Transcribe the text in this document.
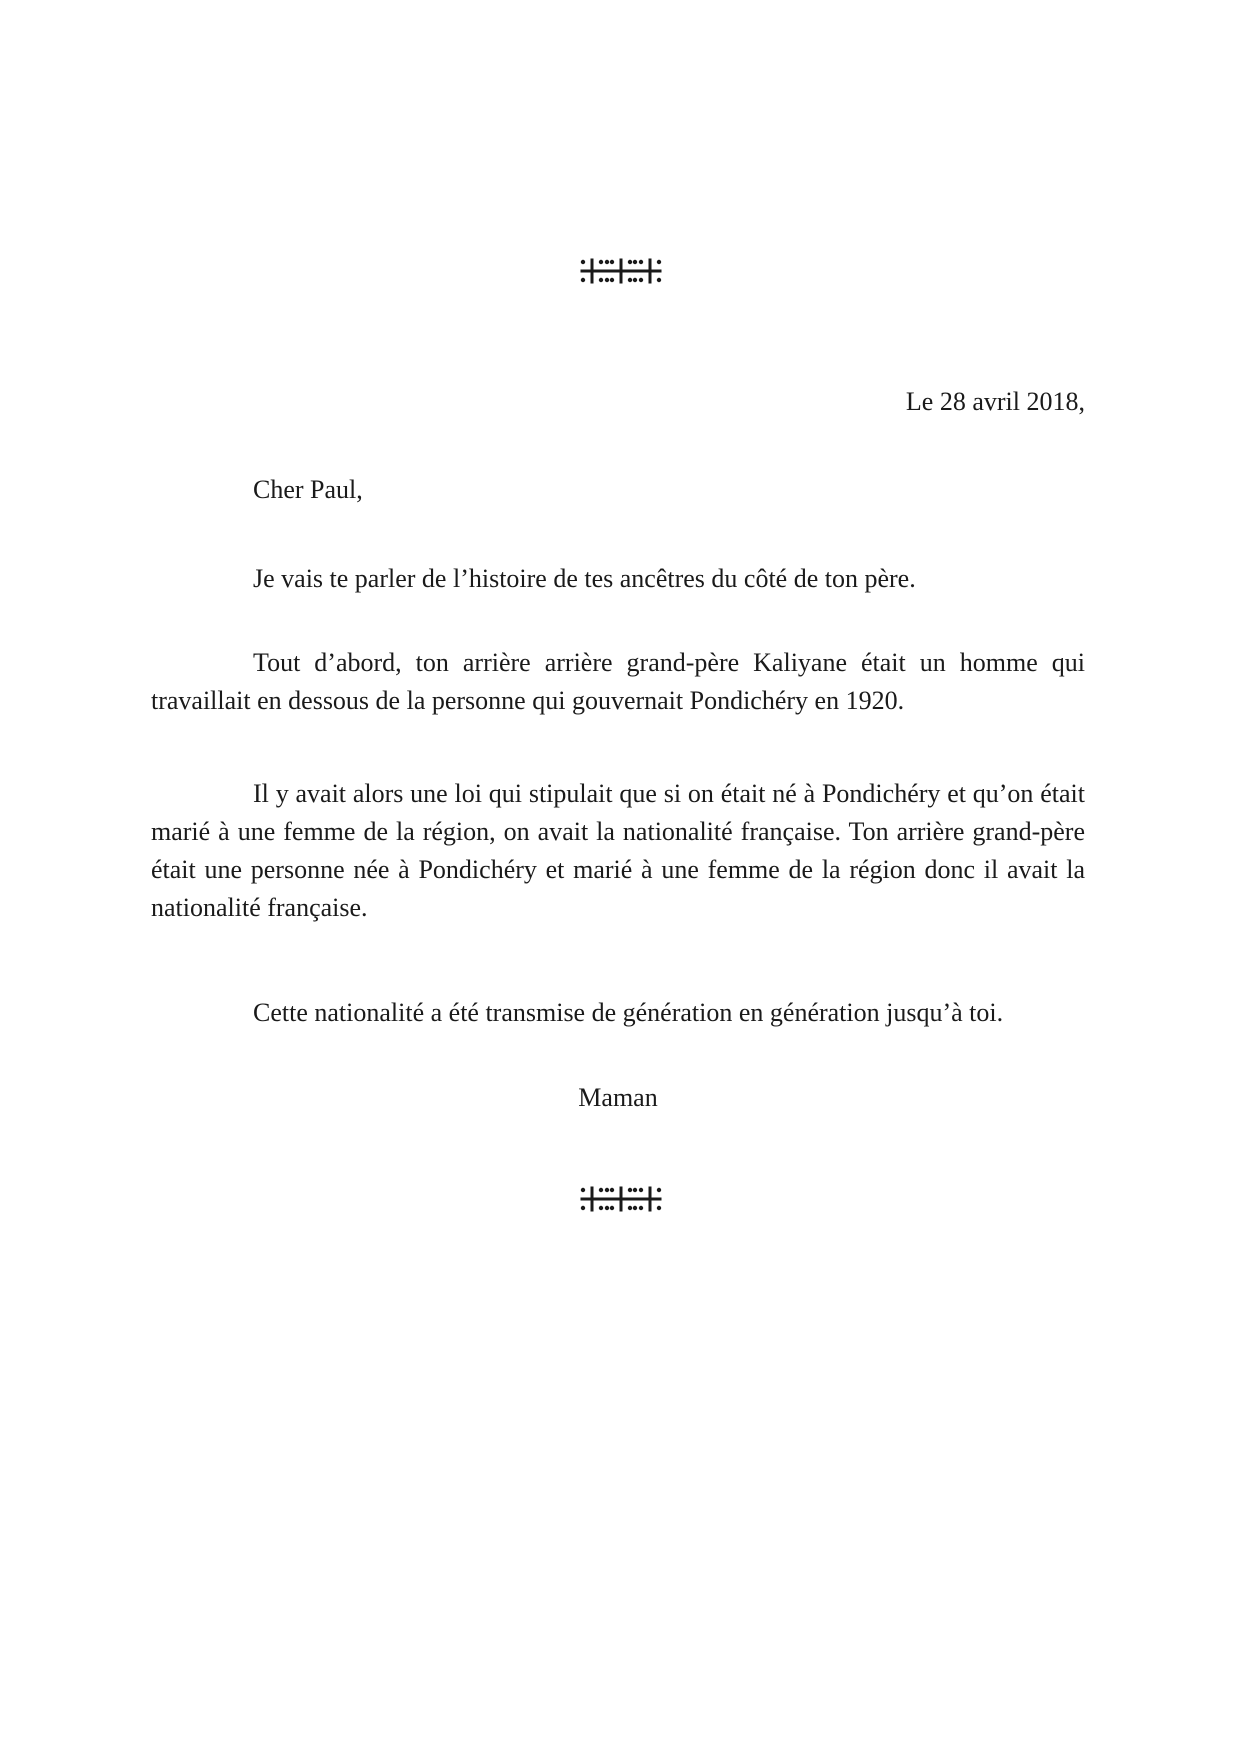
Le 28 avril 2018,

Cher Paul,

Je vais te parler de l’histoire de tes ancêtres du côté de ton père.

Tout d’abord, ton arrière arrière grand-père Kaliyane était un homme qui travaillait en dessous de la personne qui gouvernait Pondichéry en 1920.

Il y avait alors une loi qui stipulait que si on était né à Pondichéry et qu’on était marié à une femme de la région, on avait la nationalité française. Ton arrière grand-père était une personne née à Pondichéry et marié à une femme de la région donc il avait la nationalité française.

Cette nationalité a été transmise de génération en génération jusqu’à toi.

Maman
